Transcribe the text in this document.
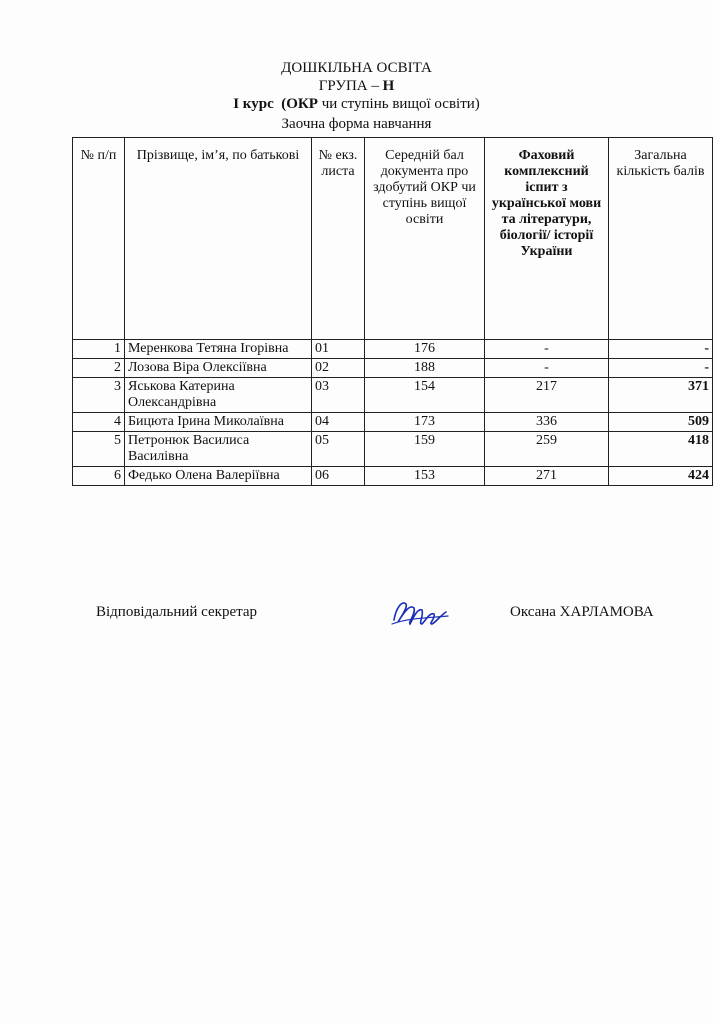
ДОШКІЛЬНА ОСВІТА
ГРУПА – Н
І курс (ОКР чи ступінь вищої освіти)
Заочна форма навчання
№ п/п	Прізвище, ім’я, по батькові	№ екз. листа	Середній бал документа про здобутий ОКР чи ступінь вищої освіти	Фаховий комплексний іспит з української мови та літератури, біології/ історії України	Загальна кількість балів
1	Меренкова Тетяна Ігорівна	01	176	-	-
2	Лозова Віра Олексіївна	02	188	-	-
3	Яськова Катерина Олександрівна	03	154	217	371
4	Бицюта Ірина Миколаївна	04	173	336	509
5	Петронюк Василиса Василівна	05	159	259	418
6	Федько Олена Валеріївна	06	153	271	424
Відповідальний секретар	Оксана ХАРЛАМОВА
